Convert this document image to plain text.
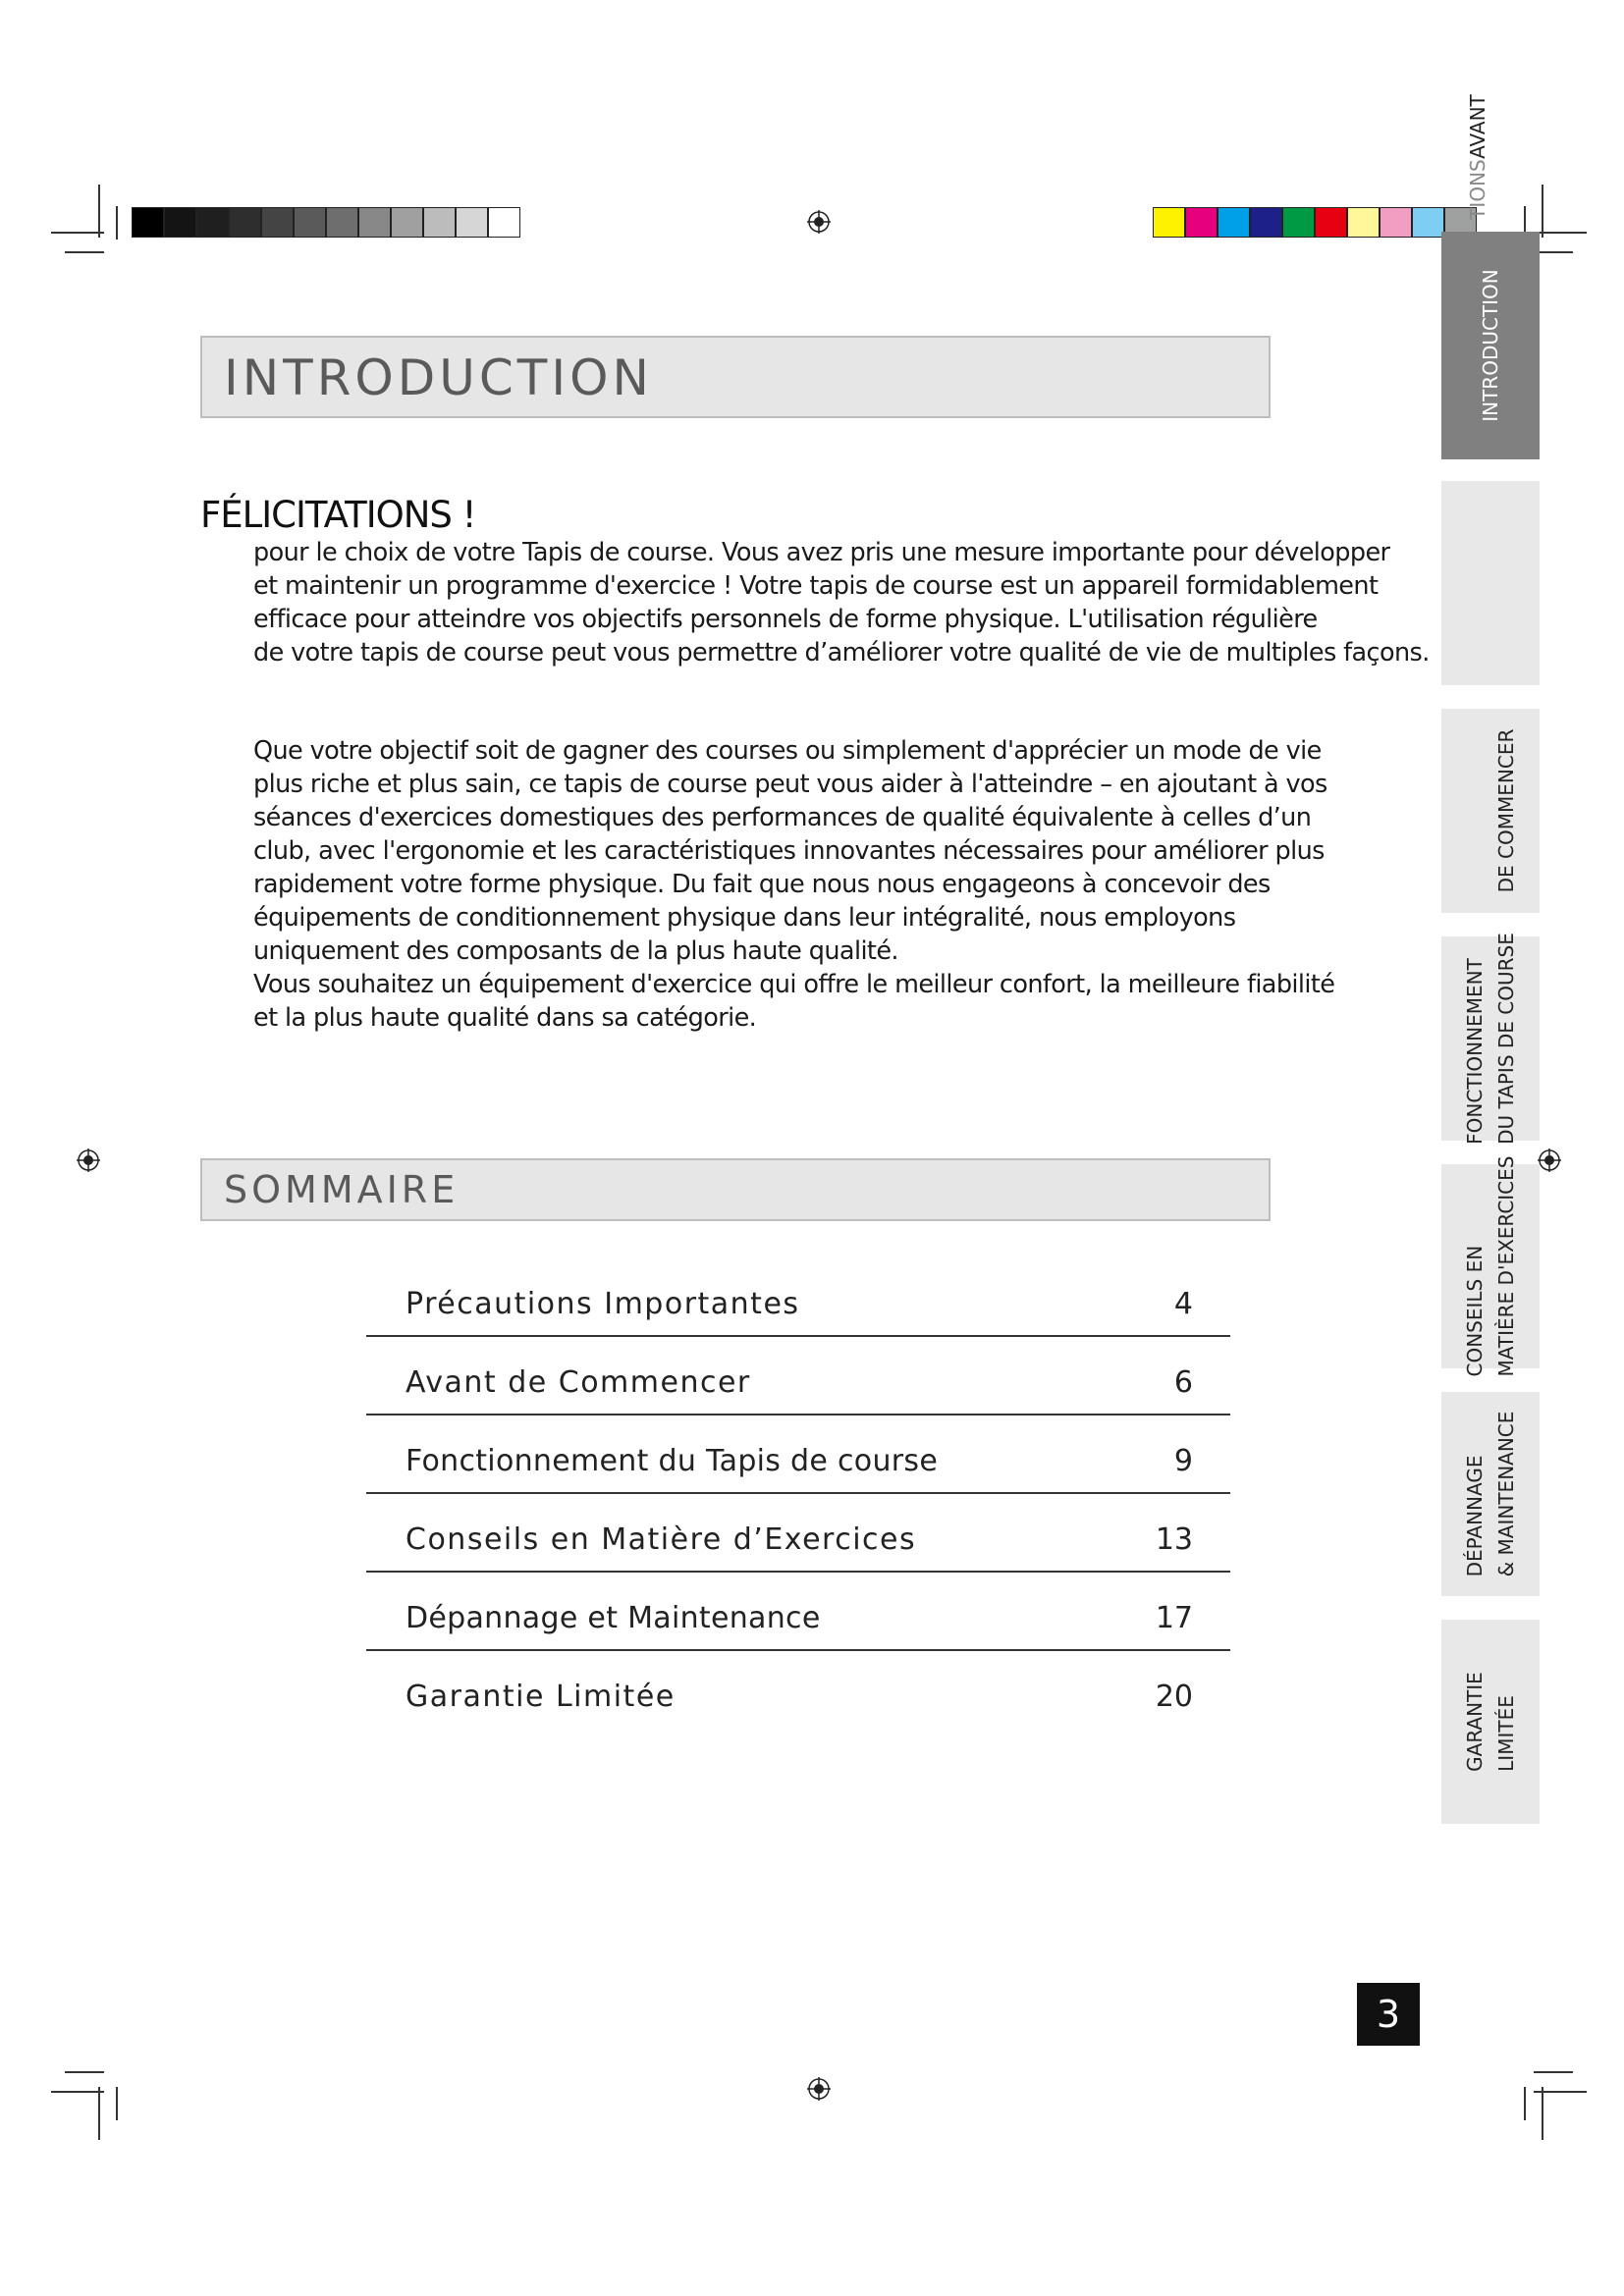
INTRODUCTION
FÉLICITATIONS !
pour le choix de votre Tapis de course. Vous avez pris une mesure importante pour développer
et maintenir un programme d'exercice ! Votre tapis de course est un appareil formidablement
efficace pour atteindre vos objectifs personnels de forme physique. L'utilisation régulière
de votre tapis de course peut vous permettre d’améliorer votre qualité de vie de multiples façons.
Que votre objectif soit de gagner des courses ou simplement d'apprécier un mode de vie
plus riche et plus sain, ce tapis de course peut vous aider à l'atteindre – en ajoutant à vos
séances d'exercices domestiques des performances de qualité équivalente à celles d’un
club, avec l'ergonomie et les caractéristiques innovantes nécessaires pour améliorer plus
rapidement votre forme physique. Du fait que nous nous engageons à concevoir des
équipements de conditionnement physique dans leur intégralité, nous employons
uniquement des composants de la plus haute qualité.
Vous souhaitez un équipement d'exercice qui offre le meilleur confort, la meilleure fiabilité
et la plus haute qualité dans sa catégorie.
SOMMAIRE
Précautions Importantes	4
Avant de Commencer	6
Fonctionnement du Tapis de course	9
Conseils en Matière d’Exercices	13
Dépannage et Maintenance	17
Garantie Limitée	20
TIONSAVANT
INTRODUCTION

DE COMMENCER
FONCTIONNEMENT DU TAPIS DE COURSE
CONSEILS EN MATIÈRE D'EXERCICES
DÉPANNAGE & MAINTENANCE
GARANTIE LIMITÉE
3
